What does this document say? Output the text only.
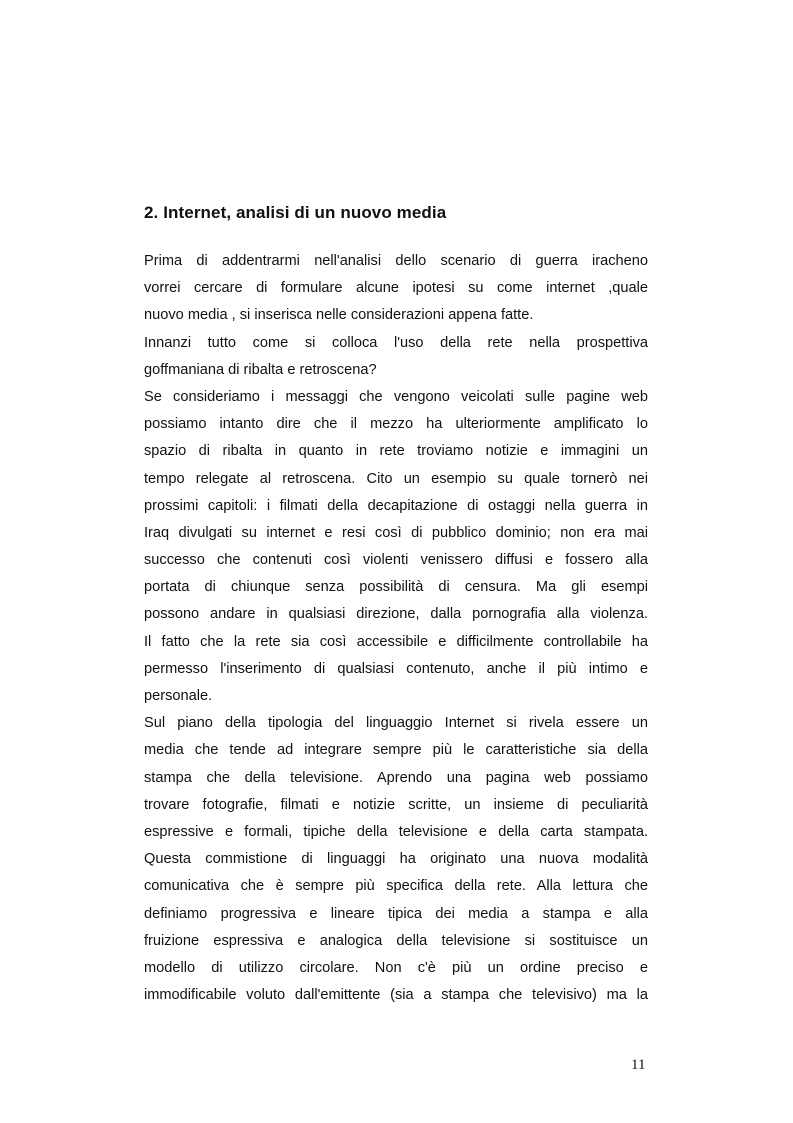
2. Internet, analisi di un nuovo media
Prima di addentrarmi nell'analisi dello scenario di guerra iracheno
vorrei cercare di formulare alcune ipotesi su come internet ,quale
nuovo media , si inserisca nelle considerazioni appena fatte.
Innanzi tutto come si colloca l'uso della rete nella prospettiva
goffmaniana di ribalta e retroscena?
Se consideriamo i messaggi che vengono veicolati sulle pagine web
possiamo intanto dire che il mezzo ha ulteriormente amplificato lo
spazio di ribalta in quanto in rete troviamo notizie e immagini un
tempo relegate al retroscena. Cito un esempio su quale tornerò nei
prossimi capitoli: i filmati della decapitazione di ostaggi nella guerra in
Iraq divulgati su internet e resi così di pubblico dominio; non era mai
successo che contenuti così violenti venissero diffusi e fossero alla
portata di chiunque senza possibilità di censura. Ma gli esempi
possono andare in qualsiasi direzione, dalla pornografia alla violenza.
Il fatto che la rete sia così accessibile e difficilmente controllabile ha
permesso l'inserimento di qualsiasi contenuto, anche il più intimo e
personale.
Sul piano della tipologia del linguaggio Internet si rivela essere un
media che tende ad integrare sempre più le caratteristiche sia della
stampa che della televisione. Aprendo una pagina web possiamo
trovare fotografie, filmati e notizie scritte, un insieme di peculiarità
espressive e formali, tipiche della televisione e della carta stampata.
Questa commistione di linguaggi ha originato una nuova modalità
comunicativa che è sempre più specifica della rete. Alla lettura che
definiamo progressiva e lineare tipica dei media a stampa e alla
fruizione espressiva e analogica della televisione si sostituisce un
modello di utilizzo circolare. Non c'è più un ordine preciso e
immodificabile voluto dall'emittente (sia a stampa che televisivo) ma la
11
